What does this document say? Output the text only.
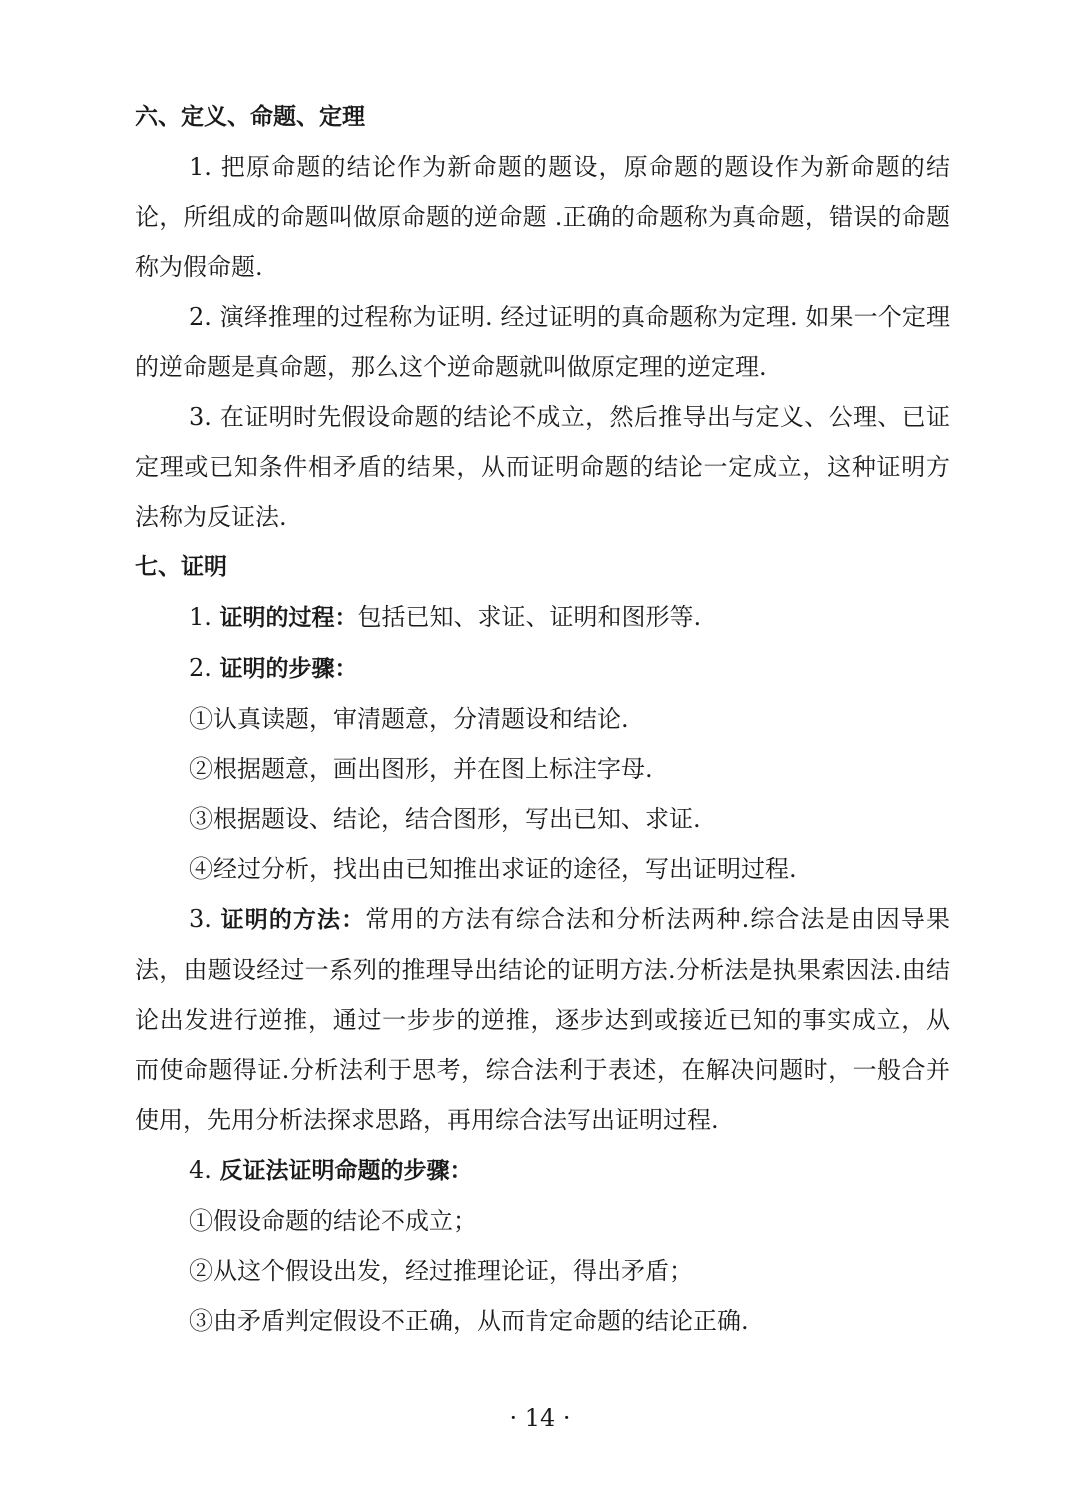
六、定义、命题、定理

1. 把原命题的结论作为新命题的题设，原命题的题设作为新命题的结论，所组成的命题叫做原命题的逆命题 .正确的命题称为真命题，错误的命题称为假命题.

2. 演绎推理的过程称为证明. 经过证明的真命题称为定理. 如果一个定理的逆命题是真命题，那么这个逆命题就叫做原定理的逆定理.

3. 在证明时先假设命题的结论不成立，然后推导出与定义、公理、已证定理或已知条件相矛盾的结果，从而证明命题的结论一定成立，这种证明方法称为反证法.

七、证明

1. 证明的过程：包括已知、求证、证明和图形等.

2. 证明的步骤：

①认真读题，审清题意，分清题设和结论.

②根据题意，画出图形，并在图上标注字母.

③根据题设、结论，结合图形，写出已知、求证.

④经过分析，找出由已知推出求证的途径，写出证明过程.

3. 证明的方法：常用的方法有综合法和分析法两种.综合法是由因导果法，由题设经过一系列的推理导出结论的证明方法.分析法是执果索因法.由结论出发进行逆推，通过一步步的逆推，逐步达到或接近已知的事实成立，从而使命题得证.分析法利于思考，综合法利于表述，在解决问题时，一般合并使用，先用分析法探求思路，再用综合法写出证明过程.

4. 反证法证明命题的步骤：

①假设命题的结论不成立；

②从这个假设出发，经过推理论证，得出矛盾；

③由矛盾判定假设不正确，从而肯定命题的结论正确.

· 14 ·
